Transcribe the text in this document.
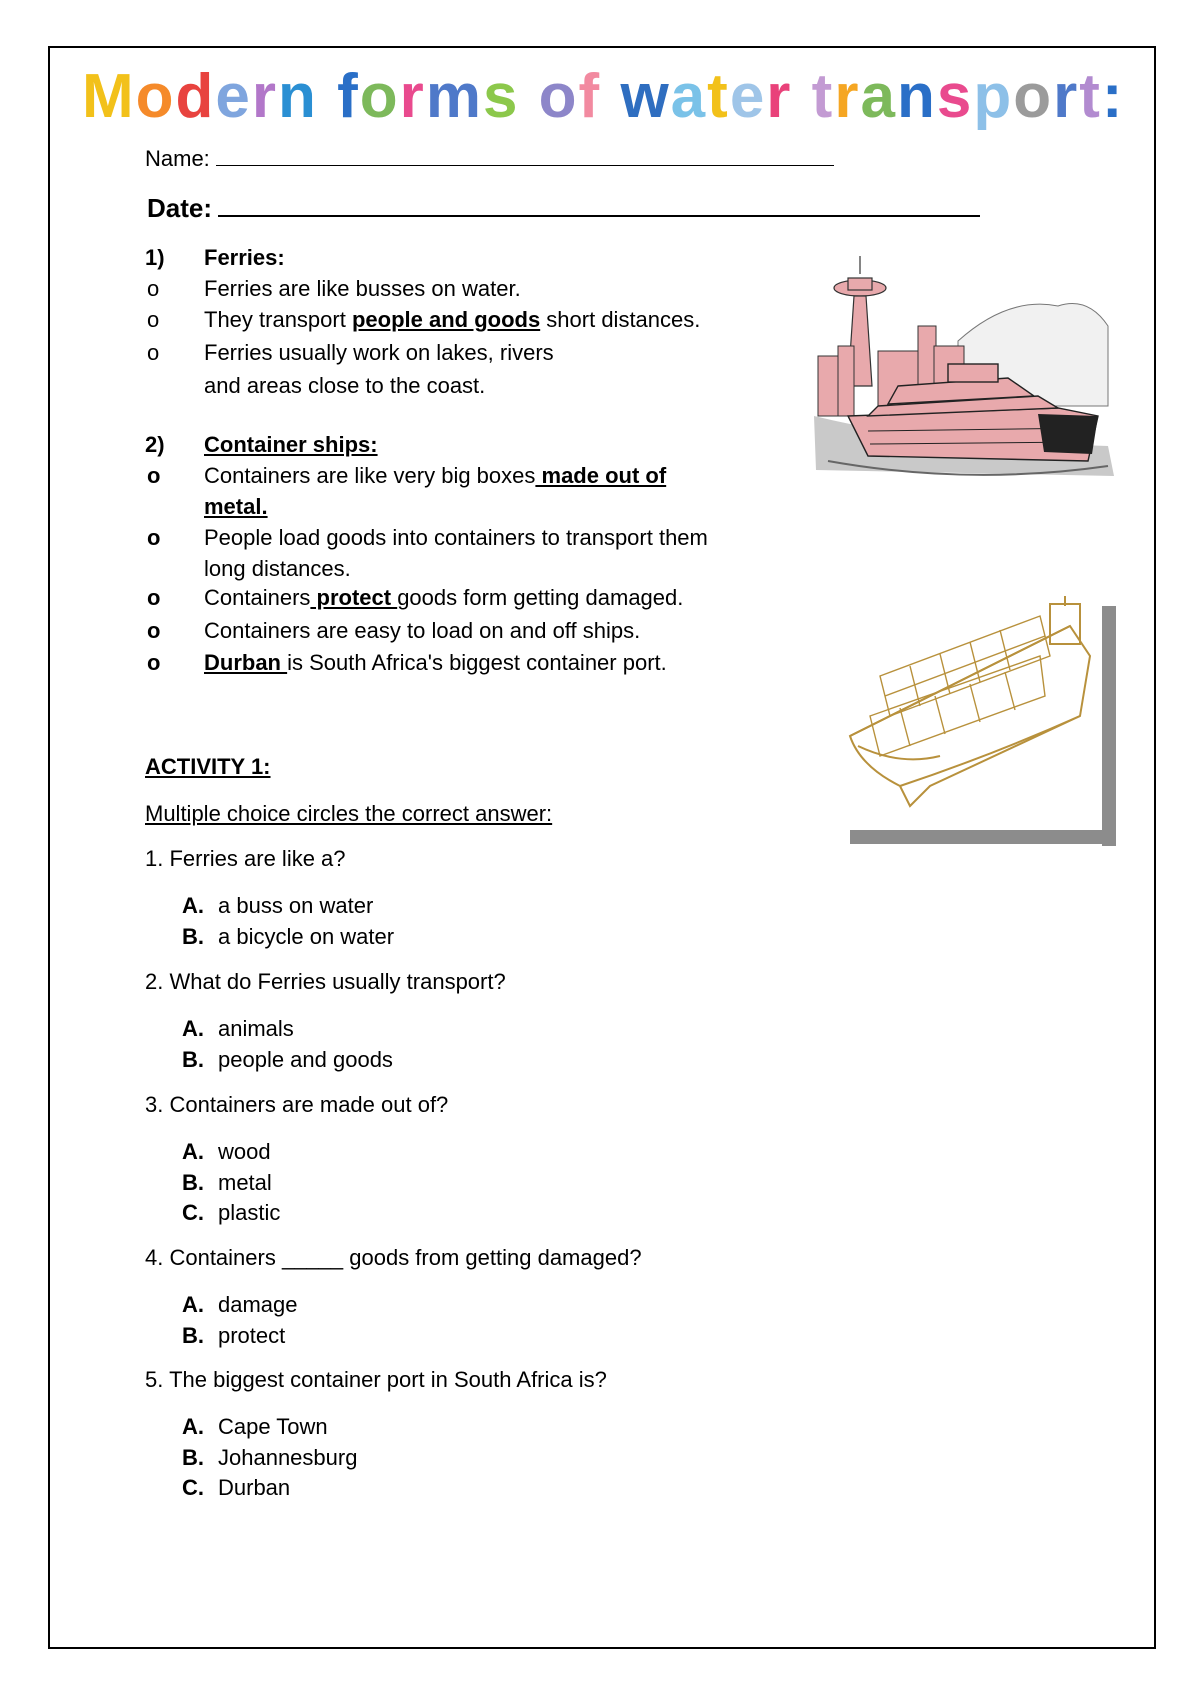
Modern forms of water transport:
Name:
Date:
1) Ferries:
o Ferries are like busses on water.
o They transport people and goods short distances.
o Ferries usually work on lakes, rivers
and areas close to the coast.
2) Container ships:
o Containers are like very big boxes made out of
metal.
o People load goods into containers to transport them
long distances.
o Containers protect goods form getting damaged.
o Containers are easy to load on and off ships.
o Durban is South Africa's biggest container port.
ACTIVITY 1:
Multiple choice circles the correct answer:
1. Ferries are like a?
A. a buss on water
B. a bicycle on water
2. What do Ferries usually transport?
A. animals
B. people and goods
3. Containers are made out of?
A. wood
B. metal
C. plastic
4. Containers _____ goods from getting damaged?
A. damage
B. protect
5. The biggest container port in South Africa is?
A. Cape Town
B. Johannesburg
C. Durban
